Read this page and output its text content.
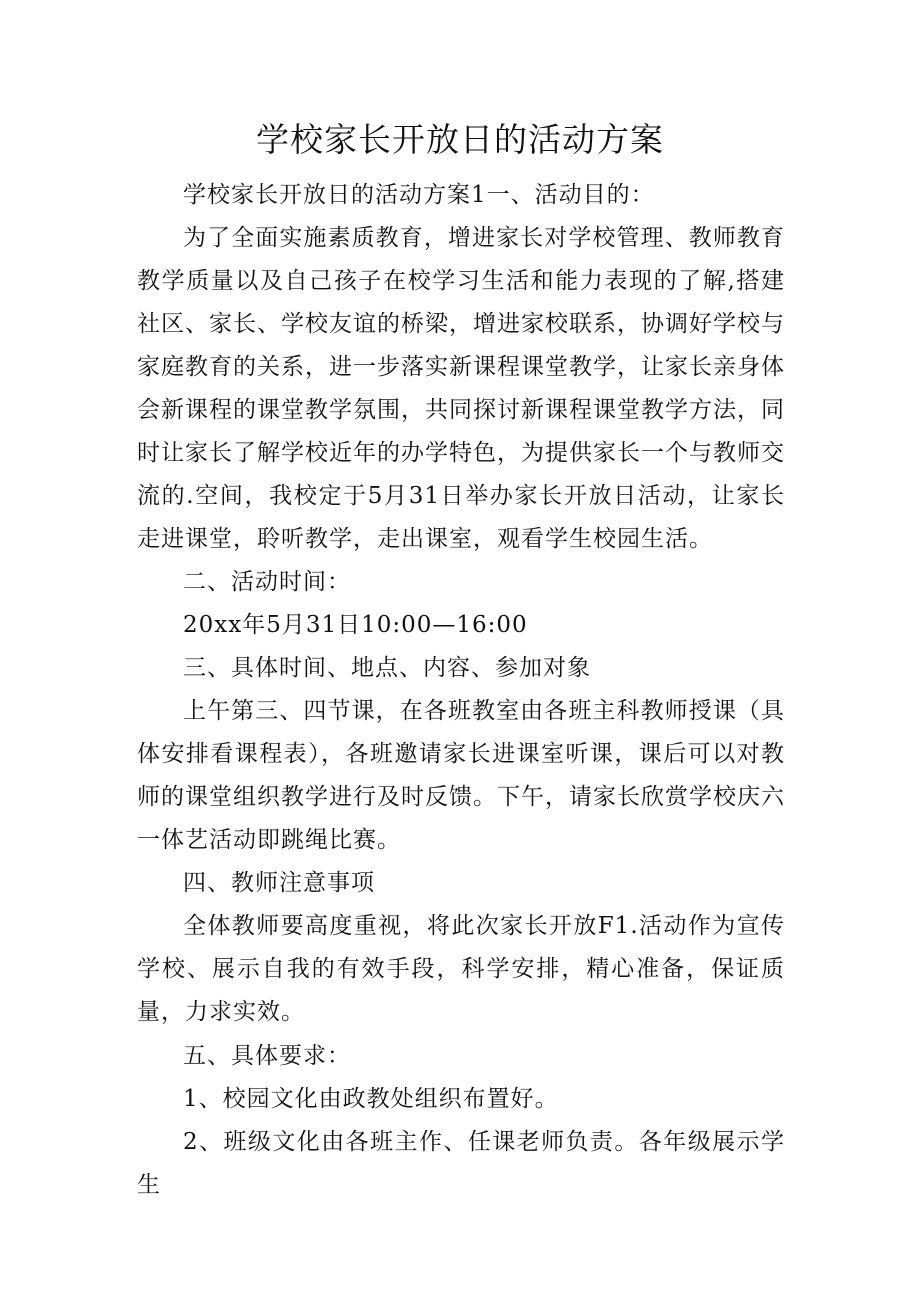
学校家长开放日的活动方案

学校家长开放日的活动方案1一、活动目的：

为了全面实施素质教育，增进家长对学校管理、教师教育教学质量以及自己孩子在校学习生活和能力表现的了解,搭建社区、家长、学校友谊的桥梁，增进家校联系，协调好学校与家庭教育的关系，进一步落实新课程课堂教学，让家长亲身体会新课程的课堂教学氛围，共同探讨新课程课堂教学方法，同时让家长了解学校近年的办学特色，为提供家长一个与教师交流的.空间，我校定于5月31日举办家长开放日活动，让家长走进课堂，聆听教学，走出课室，观看学生校园生活。

二、活动时间：

20xx年5月31日10:00—16:00

三、具体时间、地点、内容、参加对象

上午第三、四节课，在各班教室由各班主科教师授课（具体安排看课程表），各班邀请家长进课室听课，课后可以对教师的课堂组织教学进行及时反馈。下午，请家长欣赏学校庆六一体艺活动即跳绳比赛。

四、教师注意事项

全体教师要高度重视，将此次家长开放F1.活动作为宣传学校、展示自我的有效手段，科学安排，精心准备，保证质量，力求实效。

五、具体要求：

1、校园文化由政教处组织布置好。

2、班级文化由各班主作、任课老师负责。各年级展示学生
